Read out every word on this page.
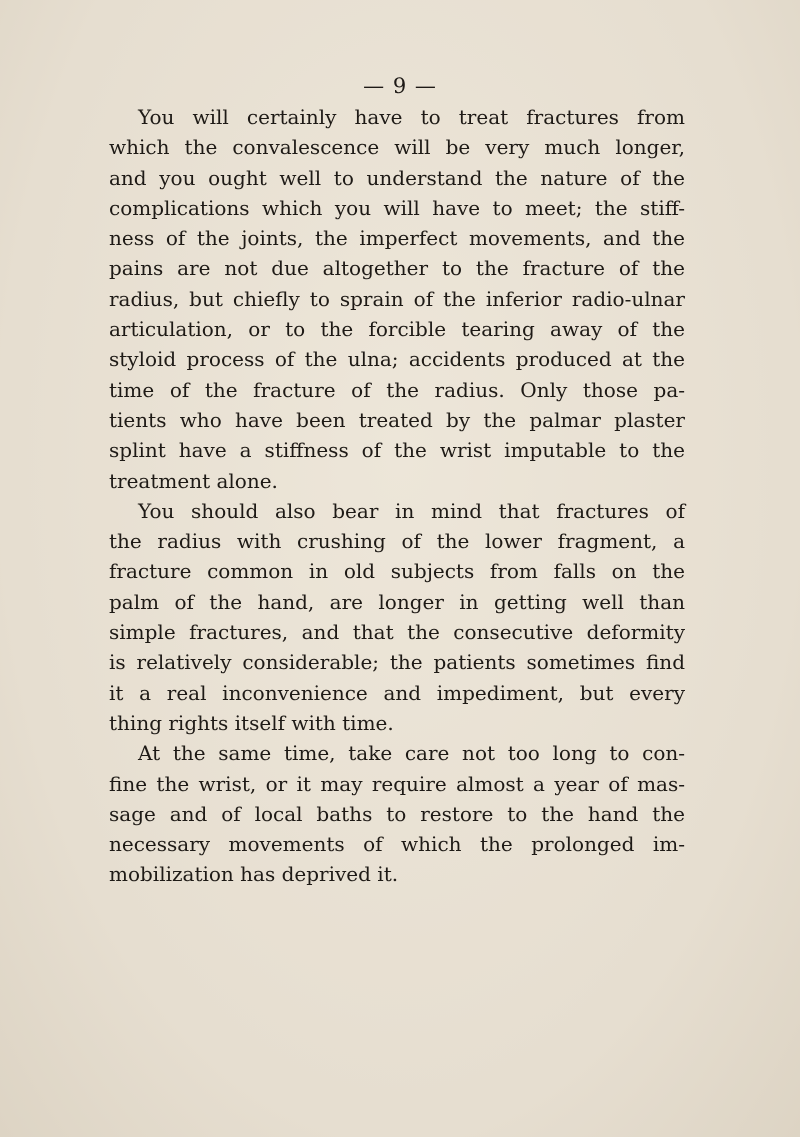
— 9 —
You will certainly have to treat fractures from
which the convalescence will be very much longer,
and you ought well to understand the nature of the
complications which you will have to meet; the stiff-
ness of the joints, the imperfect movements, and the
pains are not due altogether to the fracture of the
radius, but chiefly to sprain of the inferior radio-ulnar
articulation, or to the forcible tearing away of the
styloid process of the ulna; accidents produced at the
time of the fracture of the radius. Only those pa-
tients who have been treated by the palmar plaster
splint have a stiffness of the wrist imputable to the
treatment alone.
You should also bear in mind that fractures of
the radius with crushing of the lower fragment, a
fracture common in old subjects from falls on the
palm of the hand, are longer in getting well than
simple fractures, and that the consecutive deformity
is relatively considerable; the patients sometimes find
it a real inconvenience and impediment, but every
thing rights itself with time.
At the same time, take care not too long to con-
fine the wrist, or it may require almost a year of mas-
sage and of local baths to restore to the hand the
necessary movements of which the prolonged im-
mobilization has deprived it.
